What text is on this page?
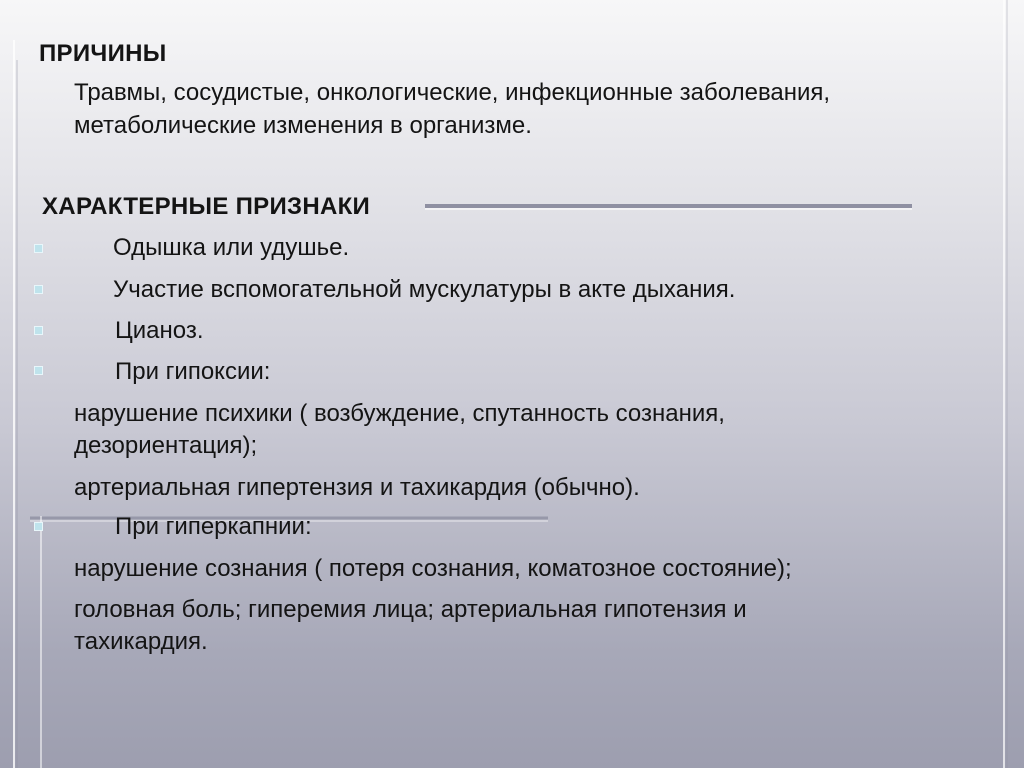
ПРИЧИНЫ
Травмы, сосудистые, онкологические, инфекционные заболевания,
метаболические изменения в организме.
ХАРАКТЕРНЫЕ ПРИЗНАКИ
Одышка или удушье.
Участие вспомогательной мускулатуры в акте дыхания.
Цианоз.
При гипоксии:
нарушение психики ( возбуждение, спутанность сознания,
дезориентация);
артериальная гипертензия и тахикардия (обычно).
При гиперкапнии:
нарушение сознания ( потеря сознания, коматозное состояние);
головная боль; гиперемия лица; артериальная гипотензия и
тахикардия.
